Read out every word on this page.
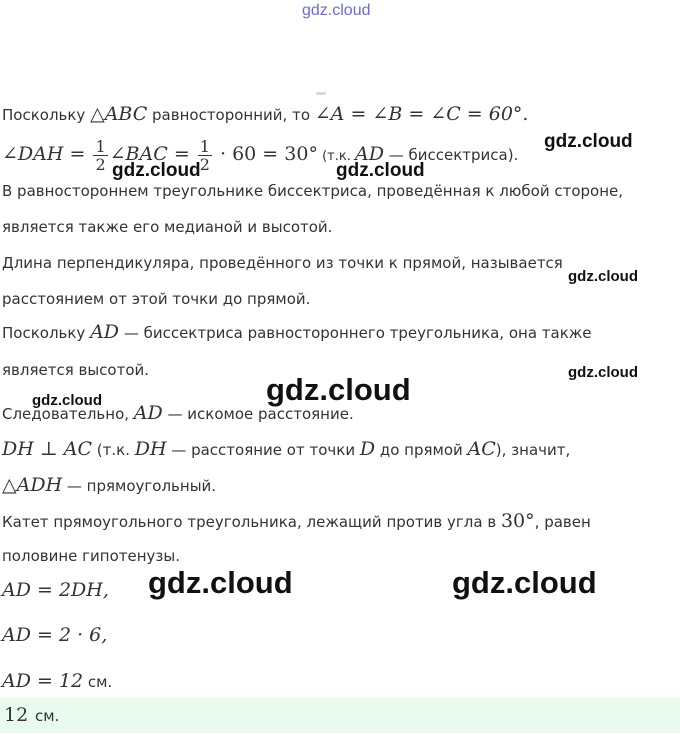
gdz.cloud
gdz.cloud
gdz.cloud	gdz.cloud
gdz.cloud
gdz.cloud
gdz.cloud	gdz.cloud
gdz.cloud	gdz.cloud
Поскольку △ABC равносторонний, то ∠A = ∠B = ∠C = 60°.
∠DAH = $\frac{1}{2}$ ∠BAC = $\frac{1}{2} \cdot 60 = 30^\circ$ (т.к. AD — биссектриса).
В равностороннем треугольнике биссектриса, проведённая к любой стороне,
является также его медианой и высотой.
Длина перпендикуляра, проведённого из точки к прямой, называется
расстоянием от этой точки до прямой.
Поскольку AD — биссектриса равностороннего треугольника, она также
является высотой.
Следовательно, AD — искомое расстояние.
DH ⊥ AC (т.к. DH — расстояние от точки D до прямой AC), значит,
△ADH — прямоугольный.
Катет прямоугольного треугольника, лежащий против угла в 30°, равен
половине гипотенузы.
AD = 2DH,
AD = 2 · 6,
AD = 12 см.
12 см.
